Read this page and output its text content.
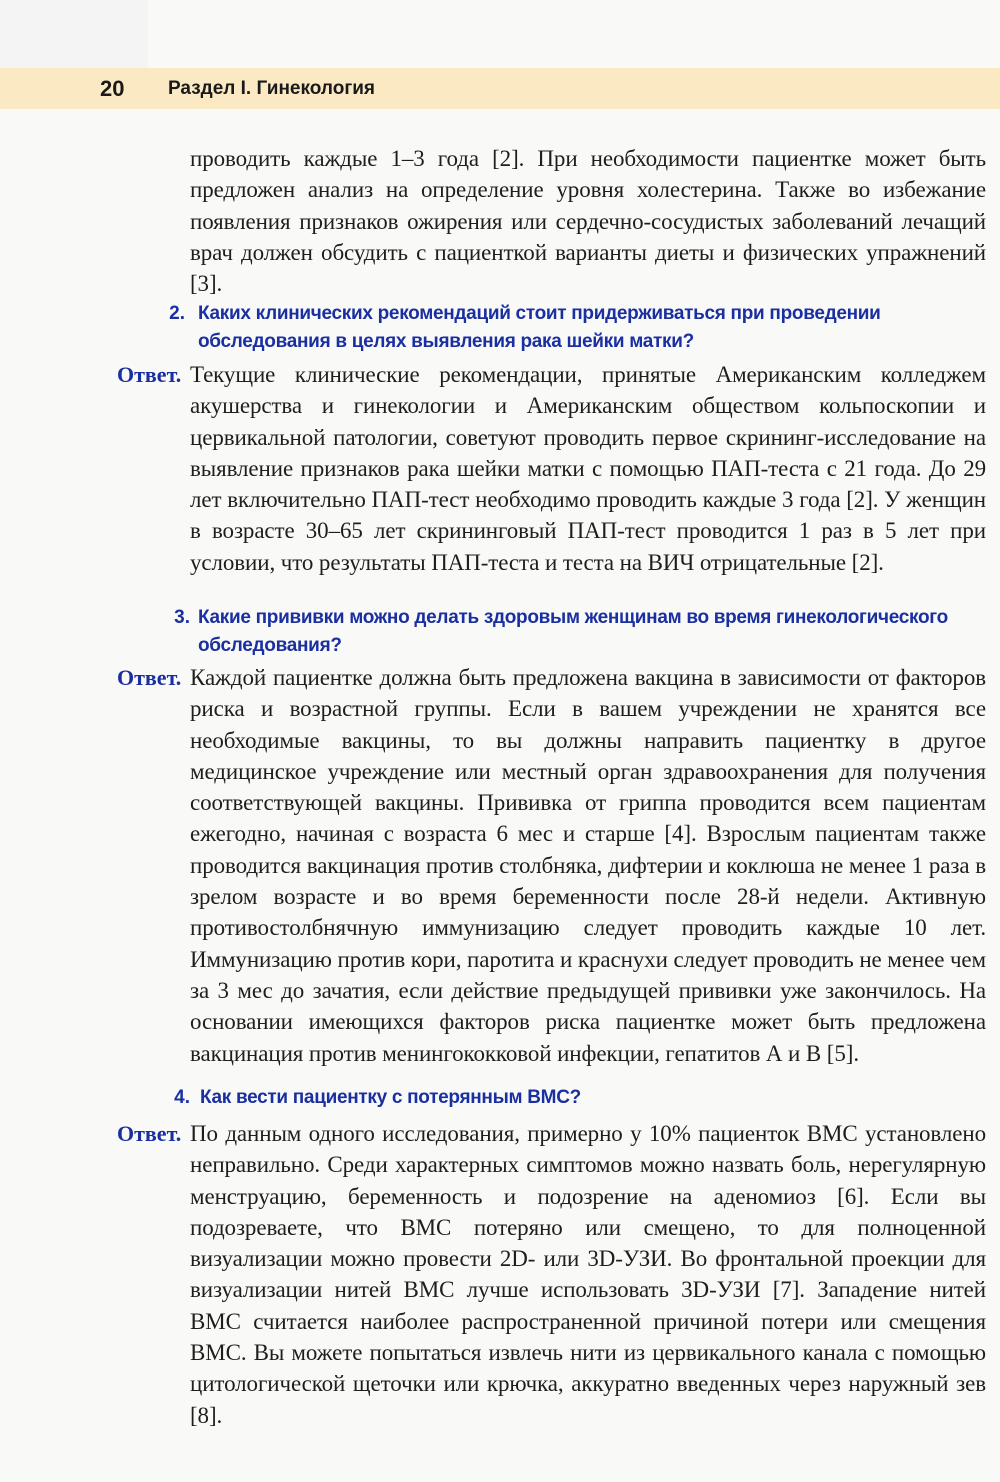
20 Раздел I. Гинекология

проводить каждые 1–3 года [2]. При необходимости пациентке может быть предложен анализ на определение уровня холестерина. Также во избежание появления признаков ожирения или сердечно-сосудистых заболеваний лечащий врач должен обсудить с пациенткой варианты диеты и физических упражнений [3].

2. Каких клинических рекомендаций стоит придерживаться при проведении обследования в целях выявления рака шейки матки?

Ответ. Текущие клинические рекомендации, принятые Американским колледжем акушерства и гинекологии и Американским обществом кольпоскопии и цервикальной патологии, советуют проводить первое скрининг-исследование на выявление признаков рака шейки матки с помощью ПАП-теста с 21 года. До 29 лет включительно ПАП-тест необходимо проводить каждые 3 года [2]. У женщин в возрасте 30–65 лет скрининговый ПАП-тест проводится 1 раз в 5 лет при условии, что результаты ПАП-теста и теста на ВИЧ отрицательные [2].

3. Какие прививки можно делать здоровым женщинам во время гинекологического обследования?

Ответ. Каждой пациентке должна быть предложена вакцина в зависимости от факторов риска и возрастной группы. Если в вашем учреждении не хранятся все необходимые вакцины, то вы должны направить пациентку в другое медицинское учреждение или местный орган здравоохранения для получения соответствующей вакцины. Прививка от гриппа проводится всем пациентам ежегодно, начиная с возраста 6 мес и старше [4]. Взрослым пациентам также проводится вакцинация против столбняка, дифтерии и коклюша не менее 1 раза в зрелом возрасте и во время беременности после 28-й недели. Активную противостолбнячную иммунизацию следует проводить каждые 10 лет. Иммунизацию против кори, паротита и краснухи следует проводить не менее чем за 3 мес до зачатия, если действие предыдущей прививки уже закончилось. На основании имеющихся факторов риска пациентке может быть предложена вакцинация против менингококковой инфекции, гепатитов А и В [5].

4. Как вести пациентку с потерянным ВМС?

Ответ. По данным одного исследования, примерно у 10% пациенток ВМС установлено неправильно. Среди характерных симптомов можно назвать боль, нерегулярную менструацию, беременность и подозрение на аденомиоз [6]. Если вы подозреваете, что ВМС потеряно или смещено, то для полноценной визуализации можно провести 2D- или 3D-УЗИ. Во фронтальной проекции для визуализации нитей ВМС лучше использовать 3D-УЗИ [7]. Западение нитей ВМС считается наиболее распространенной причиной потери или смещения ВМС. Вы можете попытаться извлечь нити из цервикального канала с помощью цитологической щеточки или крючка, аккуратно введенных через наружный зев [8].
